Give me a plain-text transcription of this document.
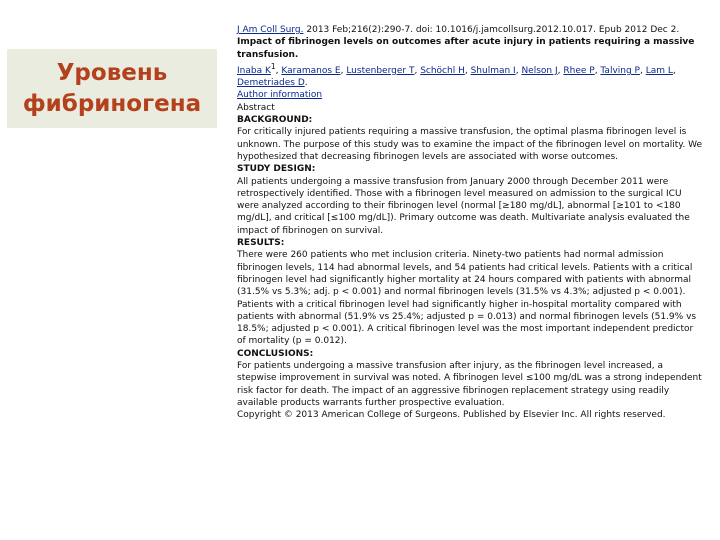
Уровень
фибриногена

J Am Coll Surg. 2013 Feb;216(2):290-7. doi: 10.1016/j.jamcollsurg.2012.10.017. Epub 2012 Dec 2.

Impact of fibrinogen levels on outcomes after acute injury in patients requiring a massive transfusion.

Inaba $K^1$ , Karamanos E , Lustenberger T , Schöchl H , Shulman I , Nelson J , Rhee P , Talving P , Lam L, Demetriades D.

Author information

Abstract

BACKGROUND:

For critically injured patients requiring a massive transfusion, the optimal plasma fibrinogen level is unknown. The purpose of this study was to examine the impact of the fibrinogen level on mortality. We hypothesized that decreasing fibrinogen levels are associated with worse outcomes.

STUDY DESIGN:

All patients undergoing a massive transfusion from January 2000 through December 2011 were retrospectively identified. Those with a fibrinogen level measured on admission to the surgical ICU were analyzed according to their fibrinogen level (normal [≥180 mg/dL], abnormal [≥101 to <180 mg/dL], and critical [≤100 mg/dL]). Primary outcome was death. Multivariate analysis evaluated the impact of fibrinogen on survival.

RESULTS:

There were 260 patients who met inclusion criteria. Ninety-two patients had normal admission fibrinogen levels, 114 had abnormal levels, and 54 patients had critical levels. Patients with a critical fibrinogen level had significantly higher mortality at 24 hours compared with patients with abnormal (31.5% vs 5.3%; adj. p < 0.001) and normal fibrinogen levels (31.5% vs 4.3%; adjusted p < 0.001). Patients with a critical fibrinogen level had significantly higher in-hospital mortality compared with patients with abnormal (51.9% vs 25.4%; adjusted p = 0.013) and normal fibrinogen levels (51.9% vs 18.5%; adjusted p < 0.001). A critical fibrinogen level was the most important independent predictor of mortality (p = 0.012).

CONCLUSIONS:

For patients undergoing a massive transfusion after injury, as the fibrinogen level increased, a stepwise improvement in survival was noted. A fibrinogen level ≤100 mg/dL was a strong independent risk factor for death. The impact of an aggressive fibrinogen replacement strategy using readily available products warrants further prospective evaluation.

Copyright © 2013 American College of Surgeons. Published by Elsevier Inc. All rights reserved.
